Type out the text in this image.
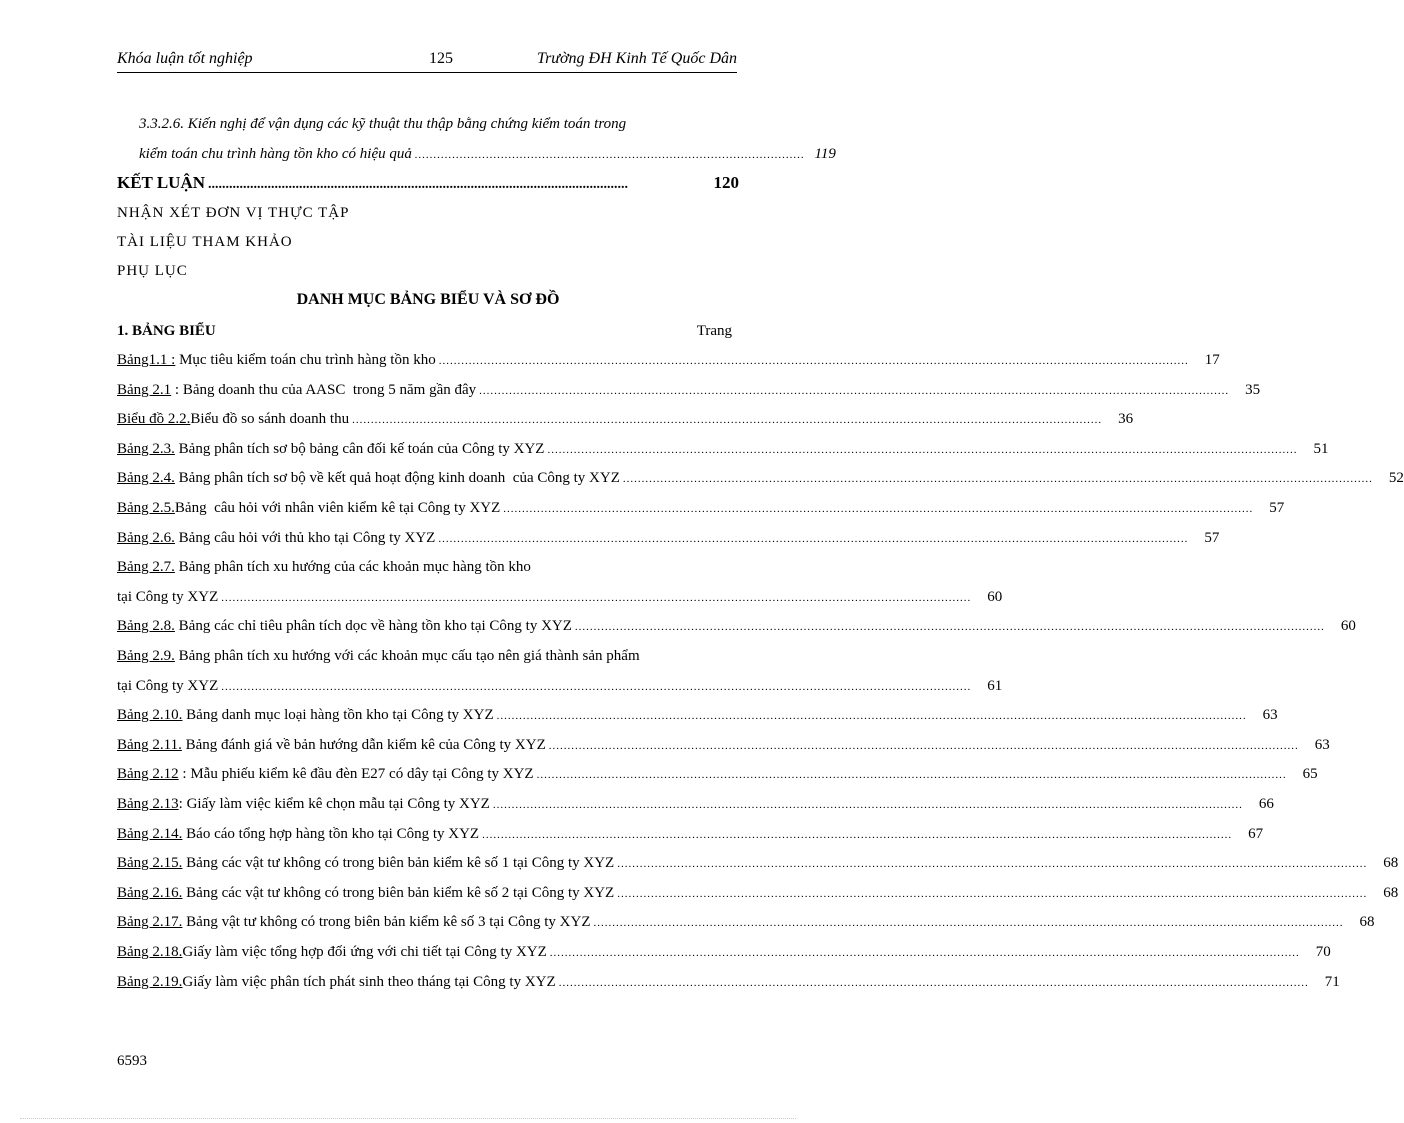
Khóa luận tốt nghiệp	125	Trường ĐH Kinh Tế Quốc Dân
3.3.2.6. Kiến nghị để vận dụng các kỹ thuật thu thập bằng chứng kiểm toán trong
kiểm toán chu trình hàng tồn kho có hiệu quả ........................................................................................................ 119
KẾT LUẬN ........................................................................................................................	120
NHẬN XÉT ĐƠN VỊ THỰC TẬP
TÀI LIỆU THAM KHẢO
PHỤ LỤC
DANH MỤC BẢNG BIỂU VÀ SƠ ĐỒ
1. BẢNG BIỂU	Trang
Bảng1.1 : Mục tiêu kiểm toán chu trình hàng tồn kho ........................................................................................................................................................................................................	17
Bảng 2.1 : Bảng doanh thu của AASC  trong 5 năm gần đây ........................................................................................................................................................................................................	35
Biểu đồ 2.2.Biểu đồ so sánh doanh thu ........................................................................................................................................................................................................	36
Bảng 2.3. Bảng phân tích sơ bộ bảng cân đối kế toán của Công ty XYZ ........................................................................................................................................................................................................	51
Bảng 2.4. Bảng phân tích sơ bộ về kết quả hoạt động kinh doanh  của Công ty XYZ ........................................................................................................................................................................................................	52
Bảng 2.5.Bảng  câu hỏi với nhân viên kiểm kê tại Công ty XYZ ........................................................................................................................................................................................................	57
Bảng 2.6. Bảng câu hỏi với thủ kho tại Công ty XYZ ........................................................................................................................................................................................................	57
Bảng 2.7. Bảng phân tích xu hướng của các khoản mục hàng tồn kho
tại Công ty XYZ ........................................................................................................................................................................................................	60
Bảng 2.8. Bảng các chỉ tiêu phân tích dọc về hàng tồn kho tại Công ty XYZ ........................................................................................................................................................................................................	60
Bảng 2.9. Bảng phân tích xu hướng với các khoản mục cấu tạo nên giá thành sản phẩm
tại Công ty XYZ ........................................................................................................................................................................................................	61
Bảng 2.10. Bảng danh mục loại hàng tồn kho tại Công ty XYZ ........................................................................................................................................................................................................	63
Bảng 2.11. Bảng đánh giá về bản hướng dẫn kiểm kê của Công ty XYZ ........................................................................................................................................................................................................	63
Bảng 2.12 : Mẫu phiếu kiểm kê đầu đèn E27 có dây tại Công ty XYZ ........................................................................................................................................................................................................	65
Bảng 2.13: Giấy làm việc kiểm kê chọn mẫu tại Công ty XYZ ........................................................................................................................................................................................................	66
Bảng 2.14. Báo cáo tổng hợp hàng tồn kho tại Công ty XYZ ........................................................................................................................................................................................................	67
Bảng 2.15. Bảng các vật tư không có trong biên bản kiểm kê số 1 tại Công ty XYZ ........................................................................................................................................................................................................	68
Bảng 2.16. Bảng các vật tư không có trong biên bản kiểm kê số 2 tại Công ty XYZ ........................................................................................................................................................................................................	68
Bảng 2.17. Bảng vật tư không có trong biên bản kiểm kê số 3 tại Công ty XYZ ........................................................................................................................................................................................................	68
Bảng 2.18.Giấy làm việc tổng hợp đối ứng với chi tiết tại Công ty XYZ ........................................................................................................................................................................................................	70
Bảng 2.19.Giấy làm việc phân tích phát sinh theo tháng tại Công ty XYZ ........................................................................................................................................................................................................	71
6593
